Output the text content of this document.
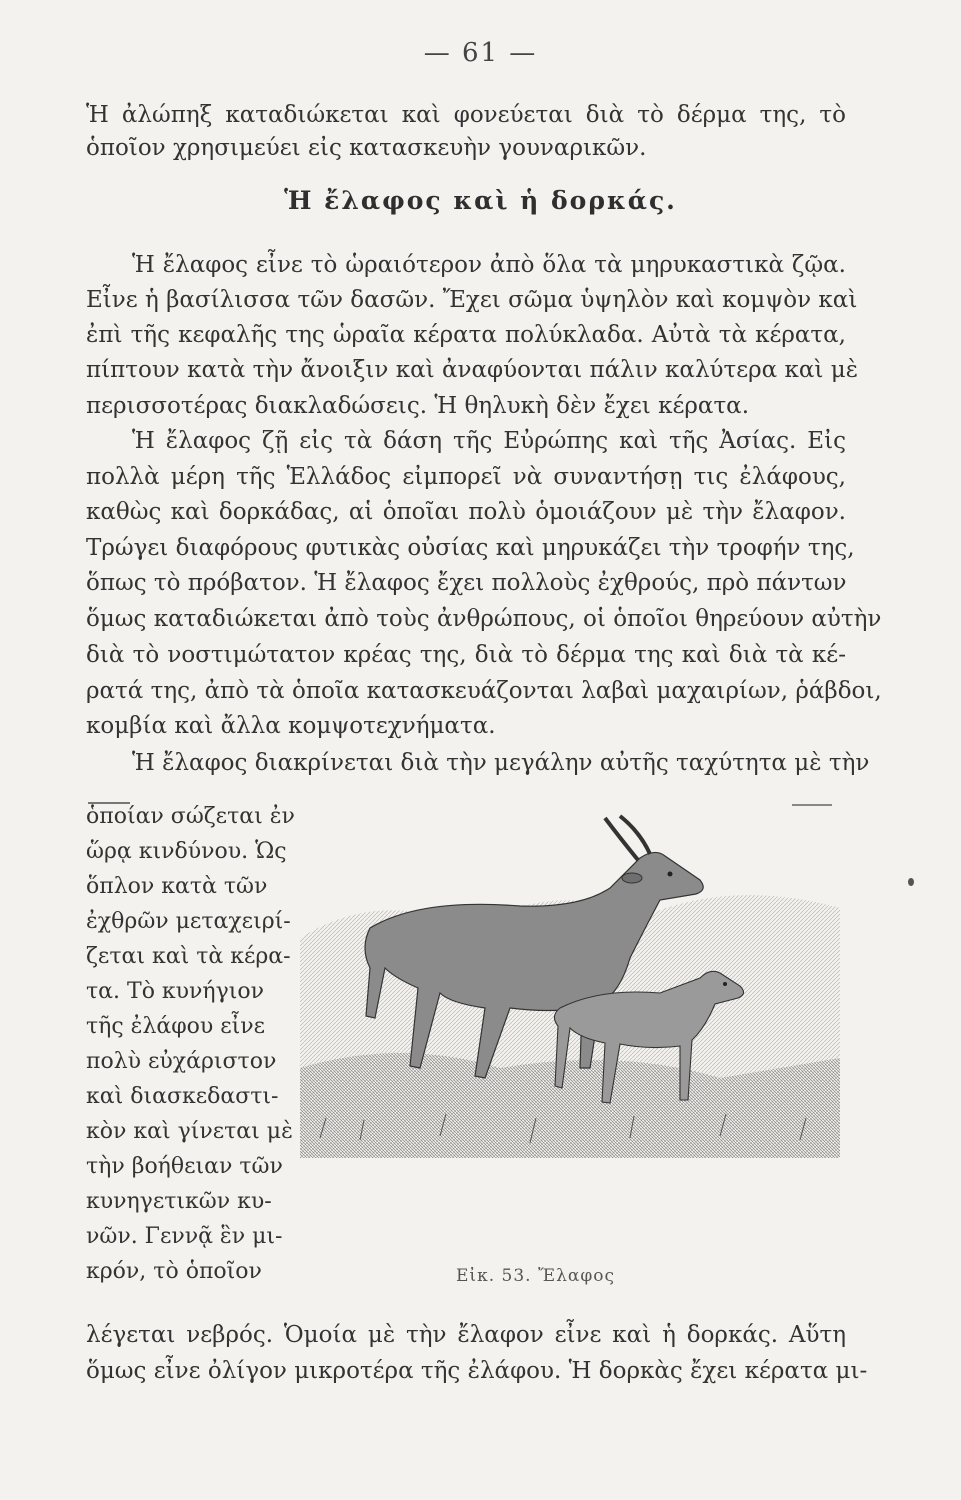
— 61 —
Ἡ ἀλώπηξ καταδιώκεται καὶ φονεύεται διὰ τὸ δέρμα της, τὸ
ὁποῖον χρησιμεύει εἰς κατασκευὴν γουναρικῶν.
Ἡ ἔλαφος καὶ ἡ δορκάς.
Ἡ ἔλαφος εἶνε τὸ ὡραιότερον ἀπὸ ὅλα τὰ μηρυκαστικὰ ζῷα.
Εἶνε ἡ βασίλισσα τῶν δασῶν. Ἔχει σῶμα ὑψηλὸν καὶ κομψὸν καὶ
ἐπὶ τῆς κεφαλῆς της ὡραῖα κέρατα πολύκλαδα. Αὐτὰ τὰ κέρατα,
πίπτουν κατὰ τὴν ἄνοιξιν καὶ ἀναφύονται πάλιν καλύτερα καὶ μὲ
περισσοτέρας διακλαδώσεις. Ἡ θηλυκὴ δὲν ἔχει κέρατα.
Ἡ ἔλαφος ζῇ εἰς τὰ δάση τῆς Εὐρώπης καὶ τῆς Ἀσίας. Εἰς
πολλὰ μέρη τῆς Ἑλλάδος εἰμπορεῖ νὰ συναντήσῃ τις ἐλάφους,
καθὼς καὶ δορκάδας, αἱ ὁποῖαι πολὺ ὁμοιάζουν μὲ τὴν ἔλαφον.
Τρώγει διαφόρους φυτικὰς οὐσίας καὶ μηρυκάζει τὴν τροφήν της,
ὅπως τὸ πρόβατον. Ἡ ἔλαφος ἔχει πολλοὺς ἐχθρούς, πρὸ πάντων
ὅμως καταδιώκεται ἀπὸ τοὺς ἀνθρώπους, οἱ ὁποῖοι θηρεύουν αὐτὴν
διὰ τὸ νοστιμώτατον κρέας της, διὰ τὸ δέρμα της καὶ διὰ τὰ κέ-
ρατά της, ἀπὸ τὰ ὁποῖα κατασκευάζονται λαβαὶ μαχαιρίων, ῥάβδοι,
κομβία καὶ ἄλλα κομψοτεχνήματα.
Ἡ ἔλαφος διακρίνεται διὰ τὴν μεγάλην αὐτῆς ταχύτητα μὲ τὴν
ὁποίαν σώζεται ἐν
ὥρᾳ κινδύνου. Ὡς
ὅπλον κατὰ τῶν
ἐχθρῶν μεταχειρί-
ζεται καὶ τὰ κέρα-
τα. Τὸ κυνήγιον
τῆς ἐλάφου εἶνε
πολὺ εὐχάριστον
καὶ διασκεδαστι-
κὸν καὶ γίνεται μὲ
τὴν βοήθειαν τῶν
κυνηγετικῶν κυ-
νῶν. Γεννᾷ ἓν μι-
κρόν, τὸ ὁποῖον	Εἰκ. 53. Ἔλαφος
λέγεται νεβρός. Ὁμοία μὲ τὴν ἔλαφον εἶνε καὶ ἡ δορκάς. Αὕτη
ὅμως εἶνε ὀλίγον μικροτέρα τῆς ἐλάφου. Ἡ δορκὰς ἔχει κέρατα μι-
